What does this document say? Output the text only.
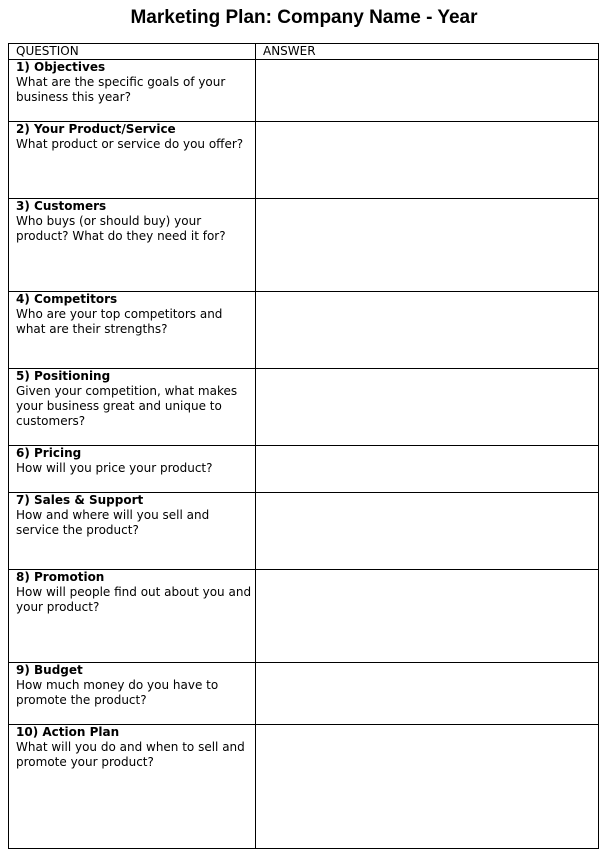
Marketing Plan: Company Name - Year
QUESTION	ANSWER

1) Objectives
What are the specific goals of your business this year?	

2) Your Product/Service
What product or service do you offer?	

3) Customers
Who buys (or should buy) your product? What do they need it for?	

4) Competitors
Who are your top competitors and what are their strengths?	

5) Positioning
Given your competition, what makes your business great and unique to customers?	

6) Pricing
How will you price your product?	

7) Sales & Support
How and where will you sell and service the product?	

8) Promotion
How will people find out about you and your product?	

9) Budget
How much money do you have to promote the product?	

10) Action Plan
What will you do and when to sell and promote your product?	
